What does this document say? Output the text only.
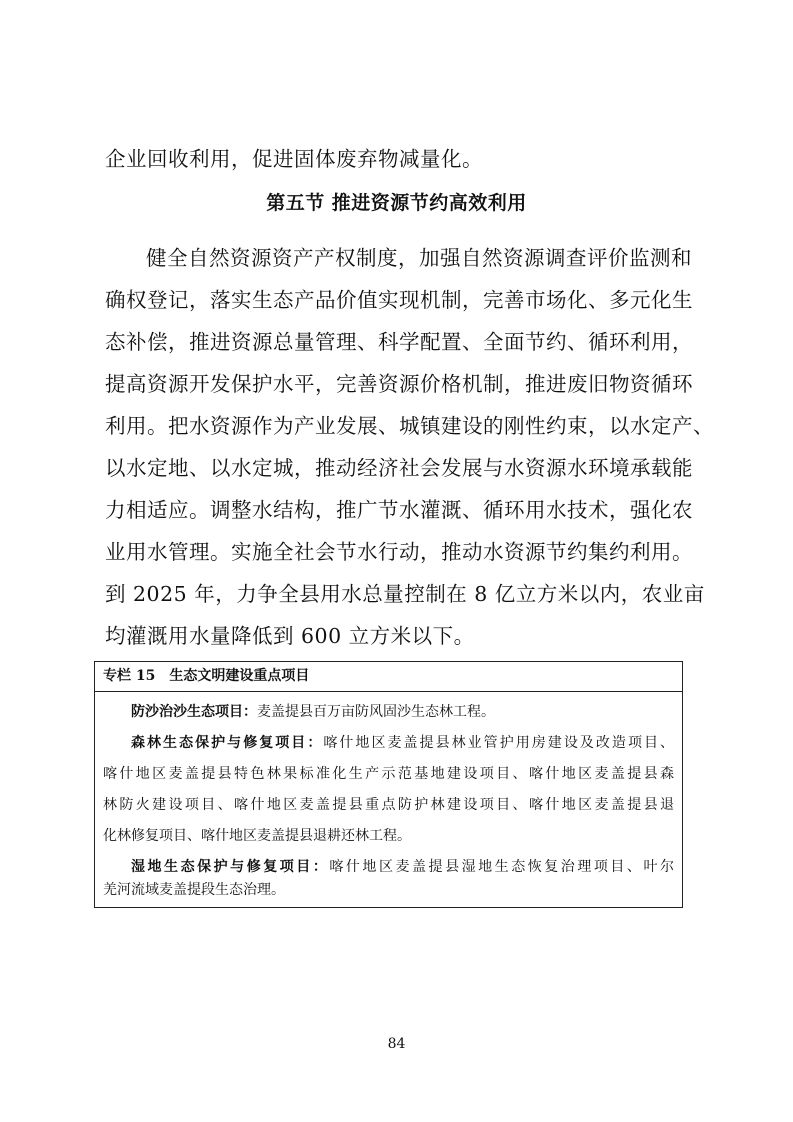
企业回收利用，促进固体废弃物减量化。
第五节 推进资源节约高效利用
健全自然资源资产产权制度，加强自然资源调查评价监测和
确权登记，落实生态产品价值实现机制，完善市场化、多元化生
态补偿，推进资源总量管理、科学配置、全面节约、循环利用，
提高资源开发保护水平，完善资源价格机制，推进废旧物资循环
利用。把水资源作为产业发展、城镇建设的刚性约束，以水定产、
以水定地、以水定城，推动经济社会发展与水资源水环境承载能
力相适应。调整水结构，推广节水灌溉、循环用水技术，强化农
业用水管理。实施全社会节水行动，推动水资源节约集约利用。
到 2025 年，力争全县用水总量控制在 8 亿立方米以内，农业亩
均灌溉用水量降低到 600 立方米以下。
专栏 15 生态文明建设重点项目
防沙治沙生态项目：麦盖提县百万亩防风固沙生态林工程。
森林生态保护与修复项目：喀什地区麦盖提县林业管护用房建设及改造项目、
喀什地区麦盖提县特色林果标准化生产示范基地建设项目、喀什地区麦盖提县森
林防火建设项目、喀什地区麦盖提县重点防护林建设项目、喀什地区麦盖提县退
化林修复项目、喀什地区麦盖提县退耕还林工程。
湿地生态保护与修复项目：喀什地区麦盖提县湿地生态恢复治理项目、叶尔
羌河流域麦盖提段生态治理。
84
